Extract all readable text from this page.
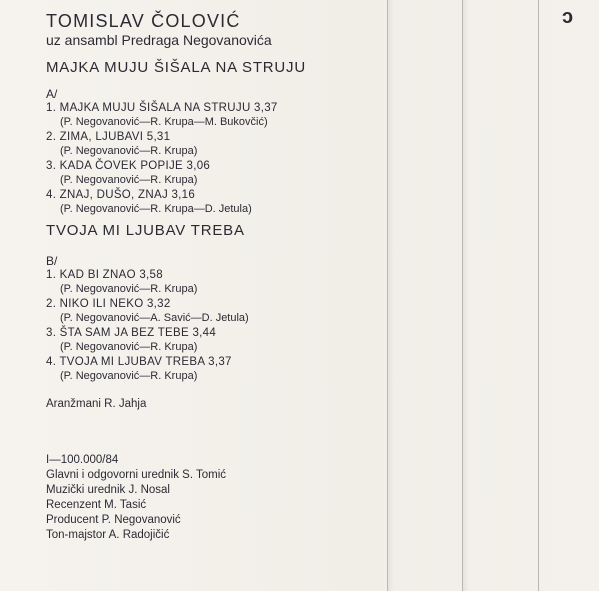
c

TOMISLAV ČOLOVIĆ

uz ansambl Predraga Negovanovića

MAJKA MUJU ŠIŠALA NA STRUJU

A/

1. MAJKA MUJU ŠIŠALA NA STRUJU 3,37

(P. Negovanović—R. Krupa—M. Bukovčić)

2. ZIMA, LJUBAVI 5,31

(P. Negovanović—R. Krupa)

3. KADA ČOVEK POPIJE 3,06

(P. Negovanović—R. Krupa)

4. ZNAJ, DUŠO, ZNAJ 3,16

(P. Negovanović—R. Krupa—D. Jetula)

TVOJA MI LJUBAV TREBA

B/

1. KAD BI ZNAO 3,58

(P. Negovanović—R. Krupa)

2. NIKO ILI NEKO 3,32

(P. Negovanović—A. Savić—D. Jetula)

3. ŠTA SAM JA BEZ TEBE 3,44

(P. Negovanović—R. Krupa)

4. TVOJA MI LJUBAV TREBA 3,37

(P. Negovanović—R. Krupa)

Aranžmani R. Jahja

I—100.000/84

Glavni i odgovorni urednik S. Tomić

Muzički urednik J. Nosal

Recenzent M. Tasić

Producent P. Negovanović

Ton-majstor A. Radojičić
